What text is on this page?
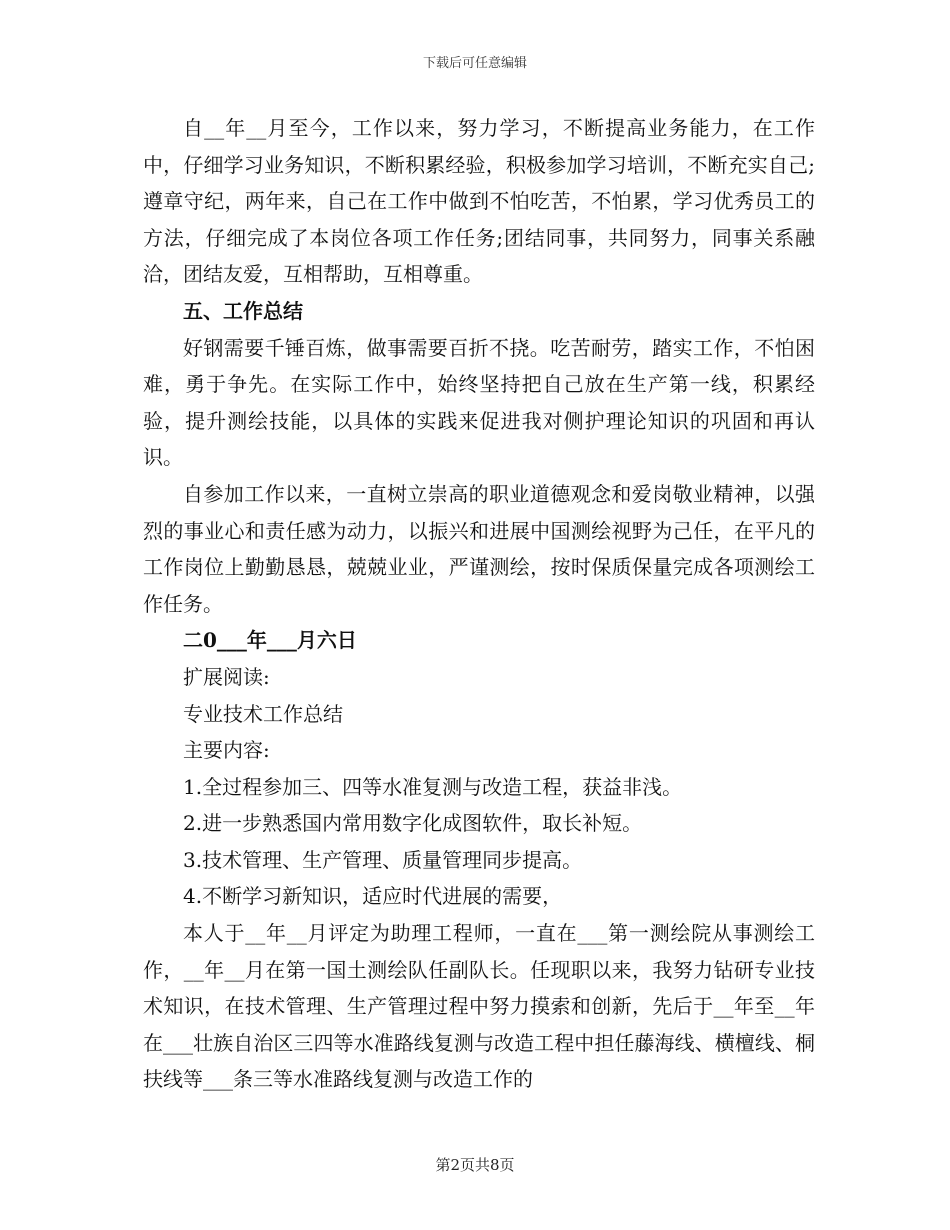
下载后可任意编辑

自__年__月至今，工作以来，努力学习，不断提高业务能力，在工作中，仔细学习业务知识，不断积累经验，积极参加学习培训，不断充实自己;遵章守纪，两年来，自己在工作中做到不怕吃苦，不怕累，学习优秀员工的方法，仔细完成了本岗位各项工作任务;团结同事，共同努力，同事关系融洽，团结友爱，互相帮助，互相尊重。

五、工作总结

好钢需要千锤百炼，做事需要百折不挠。吃苦耐劳，踏实工作，不怕困难，勇于争先。在实际工作中，始终坚持把自己放在生产第一线，积累经验，提升测绘技能，以具体的实践来促进我对侧护理论知识的巩固和再认识。

自参加工作以来，一直树立崇高的职业道德观念和爱岗敬业精神，以强烈的事业心和责任感为动力，以振兴和进展中国测绘视野为己任，在平凡的工作岗位上勤勤恳恳，兢兢业业，严谨测绘，按时保质保量完成各项测绘工作任务。

二0___年___月六日

扩展阅读:

专业技术工作总结

主要内容:

1.全过程参加三、四等水准复测与改造工程，获益非浅。

2.进一步熟悉国内常用数字化成图软件，取长补短。

3.技术管理、生产管理、质量管理同步提高。

4.不断学习新知识，适应时代进展的需要，

本人于__年__月评定为助理工程师，一直在___第一测绘院从事测绘工作，__年__月在第一国土测绘队任副队长。任现职以来，我努力钻研专业技术知识，在技术管理、生产管理过程中努力摸索和创新，先后于__年至__年在___壮族自治区三四等水准路线复测与改造工程中担任藤海线、横檀线、桐扶线等___条三等水准路线复测与改造工作的

第2页共8页
